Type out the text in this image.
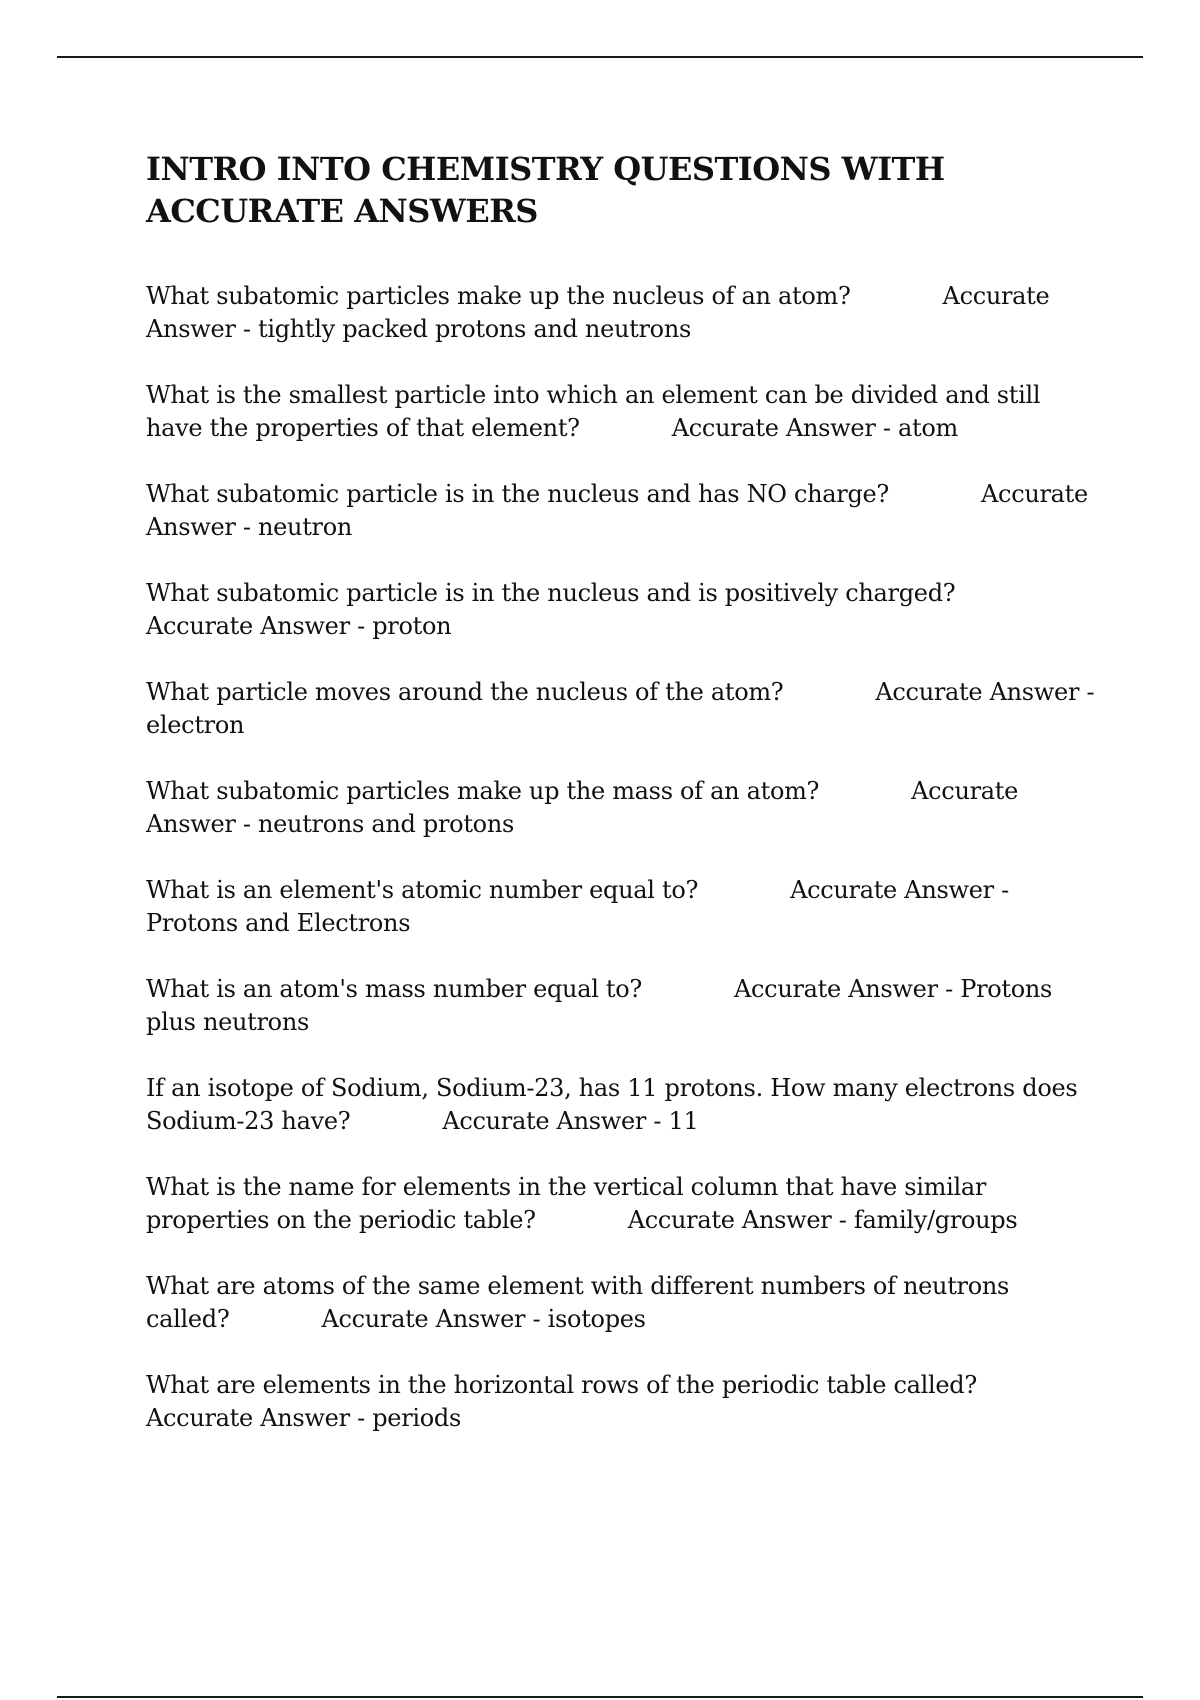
INTRO INTO CHEMISTRY QUESTIONS WITH ACCURATE ANSWERS
What subatomic particles make up the nucleus of an atom?	Accurate Answer - tightly packed protons and neutrons
What is the smallest particle into which an element can be divided and still have the properties of that element?	Accurate Answer - atom
What subatomic particle is in the nucleus and has NO charge?	Accurate Answer - neutron
What subatomic particle is in the nucleus and is positively charged?Accurate Answer - proton
What particle moves around the nucleus of the atom?	Accurate Answer - electron
What subatomic particles make up the mass of an atom?	Accurate Answer - neutrons and protons
What is an element's atomic number equal to?	Accurate Answer - Protons and Electrons
What is an atom's mass number equal to?	Accurate Answer - Protons plus neutrons
If an isotope of Sodium, Sodium-23, has 11 protons. How many electrons does Sodium-23 have?	Accurate Answer - 11
What is the name for elements in the vertical column that have similar properties on the periodic table?	Accurate Answer - family/groups
What are atoms of the same element with different numbers of neutrons called?	Accurate Answer - isotopes
What are elements in the horizontal rows of the periodic table called?Accurate Answer - periods
